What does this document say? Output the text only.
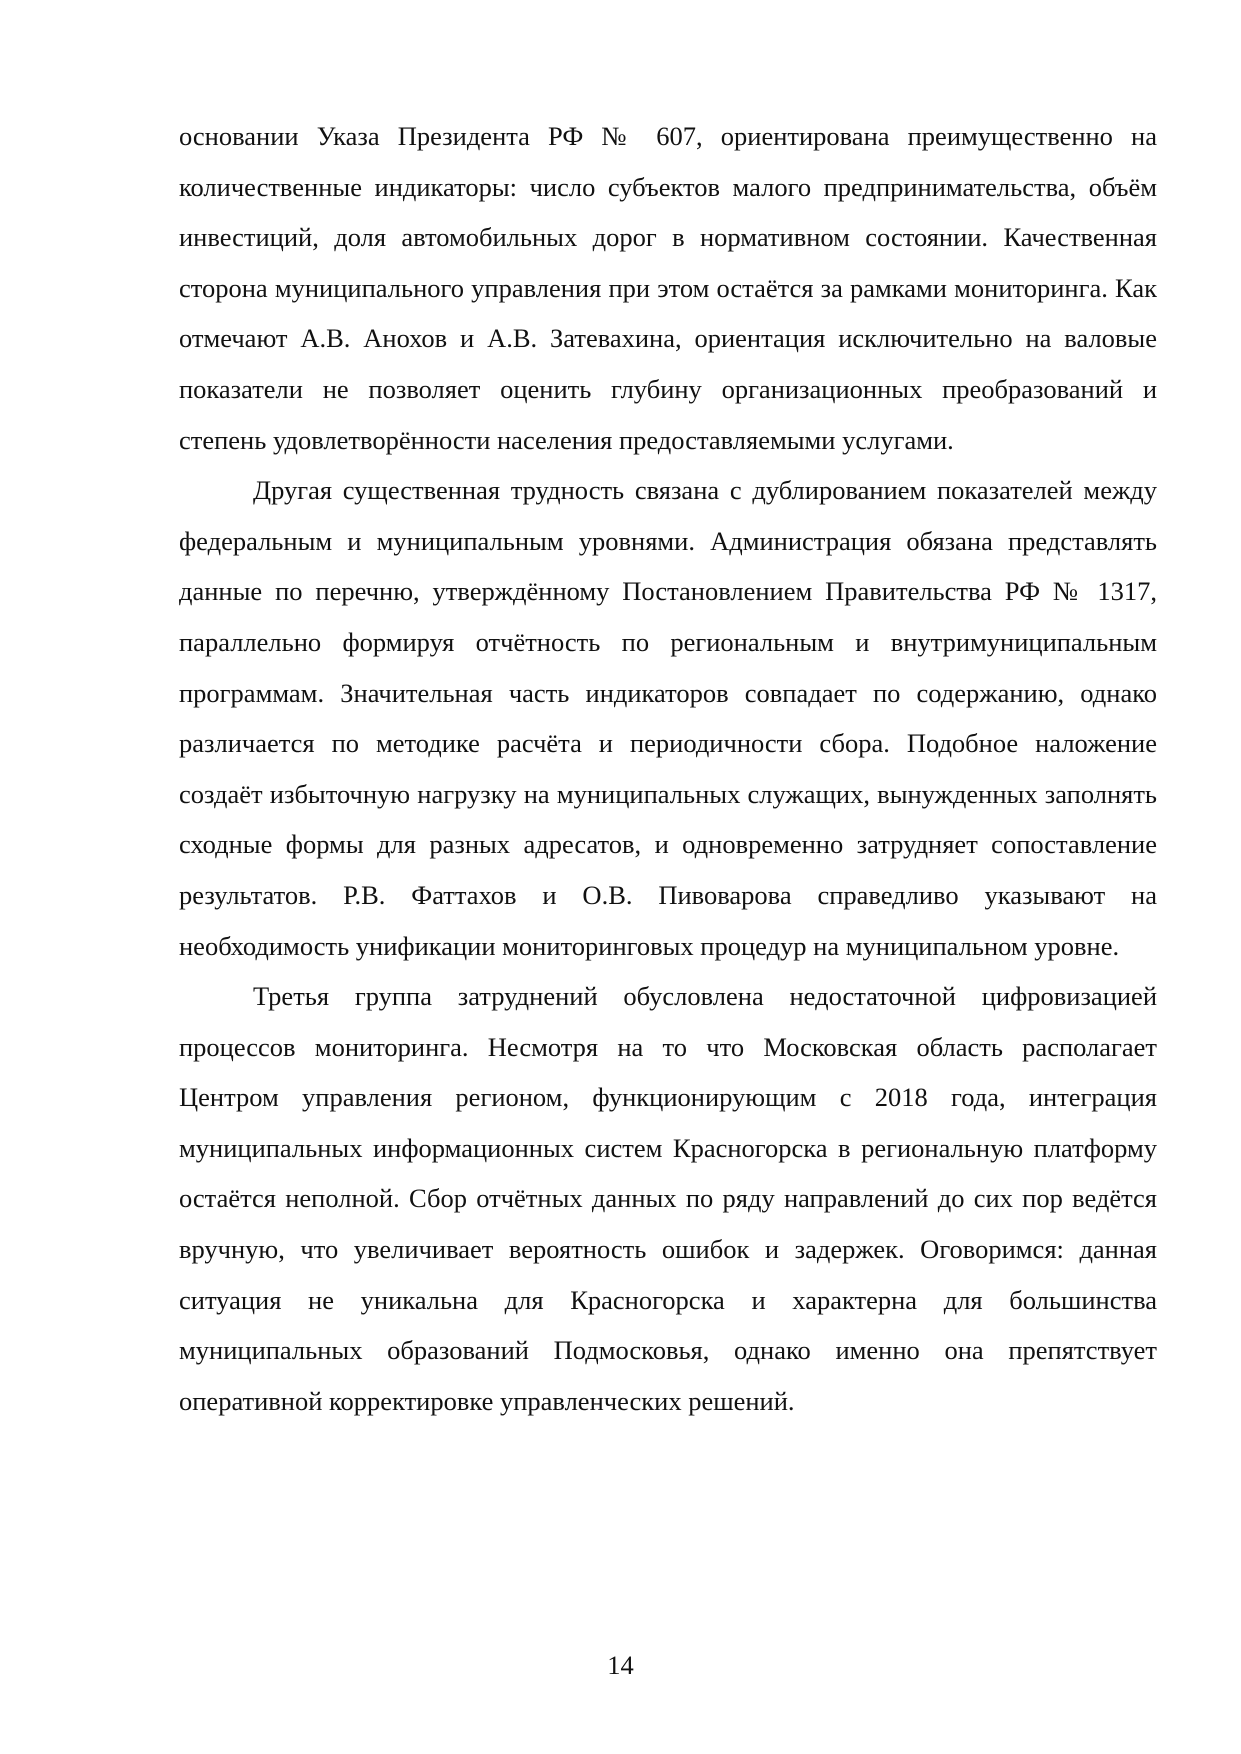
основании Указа Президента РФ № 607, ориентирована преимущественно на количественные индикаторы: число субъектов малого предпринимательства, объём инвестиций, доля автомобильных дорог в нормативном состоянии. Качественная сторона муниципального управления при этом остаётся за рамками мониторинга. Как отмечают А.В. Анохов и А.В. Затевахина, ориентация исключительно на валовые показатели не позволяет оценить глубину организационных преобразований и степень удовлетворённости населения предоставляемыми услугами.

Другая существенная трудность связана с дублированием показателей между федеральным и муниципальным уровнями. Администрация обязана представлять данные по перечню, утверждённому Постановлением Правительства РФ № 1317, параллельно формируя отчётность по региональным и внутримуниципальным программам. Значительная часть индикаторов совпадает по содержанию, однако различается по методике расчёта и периодичности сбора. Подобное наложение создаёт избыточную нагрузку на муниципальных служащих, вынужденных заполнять сходные формы для разных адресатов, и одновременно затрудняет сопоставление результатов. Р.В. Фаттахов и О.В. Пивоварова справедливо указывают на необходимость унификации мониторинговых процедур на муниципальном уровне.

Третья группа затруднений обусловлена недостаточной цифровизацией процессов мониторинга. Несмотря на то что Московская область располагает Центром управления регионом, функционирующим с 2018 года, интеграция муниципальных информационных систем Красногорска в региональную платформу остаётся неполной. Сбор отчётных данных по ряду направлений до сих пор ведётся вручную, что увеличивает вероятность ошибок и задержек. Оговоримся: данная ситуация не уникальна для Красногорска и характерна для большинства муниципальных образований Подмосковья, однако именно она препятствует оперативной корректировке управленческих решений.

14
